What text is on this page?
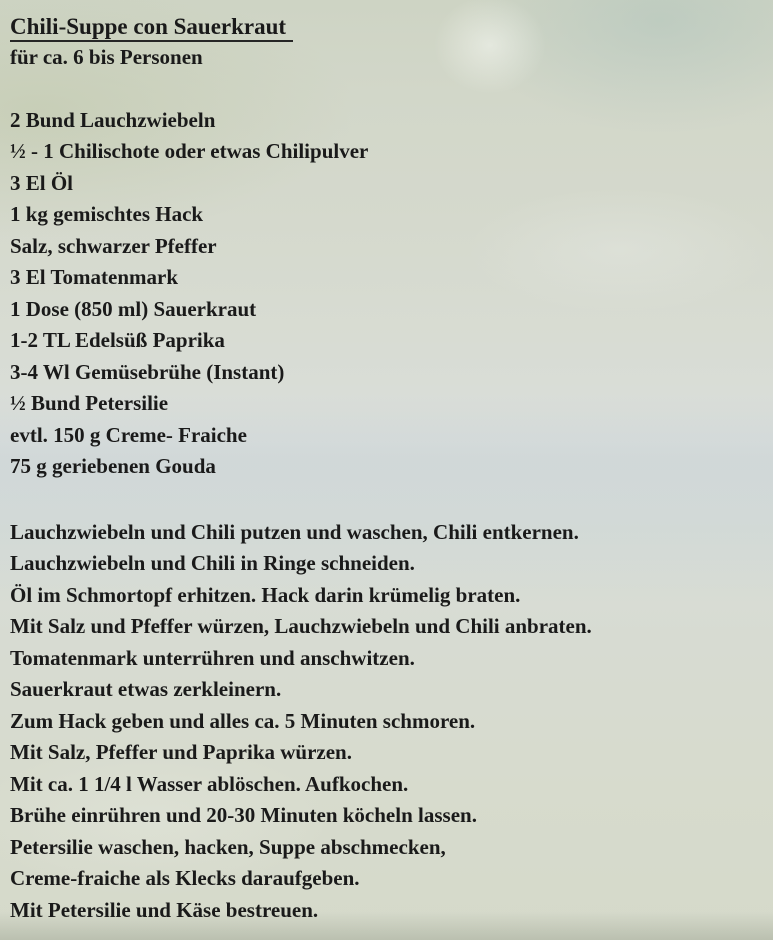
Chili-Suppe con Sauerkraut
für ca. 6 bis Personen
2 Bund Lauchzwiebeln
½ - 1 Chilischote oder etwas Chilipulver
3 El Öl
1 kg gemischtes Hack
Salz, schwarzer Pfeffer
3 El Tomatenmark
1 Dose (850 ml) Sauerkraut
1-2 TL Edelsüß Paprika
3-4 Wl Gemüsebrühe (Instant)
½ Bund Petersilie
evtl. 150 g Creme- Fraiche
75 g geriebenen Gouda
Lauchzwiebeln und Chili putzen und waschen, Chili entkernen.
Lauchzwiebeln und Chili in Ringe schneiden.
Öl im Schmortopf erhitzen. Hack darin krümelig braten.
Mit Salz und Pfeffer würzen, Lauchzwiebeln und Chili anbraten.
Tomatenmark unterrühren und anschwitzen.
Sauerkraut etwas zerkleinern.
Zum Hack geben und alles ca. 5 Minuten schmoren.
Mit Salz, Pfeffer und Paprika würzen.
Mit ca. 1 1/4 l Wasser ablöschen. Aufkochen.
Brühe einrühren und 20-30 Minuten köcheln lassen.
Petersilie waschen, hacken, Suppe abschmecken,
Creme-fraiche als Klecks daraufgeben.
Mit Petersilie und Käse bestreuen.
